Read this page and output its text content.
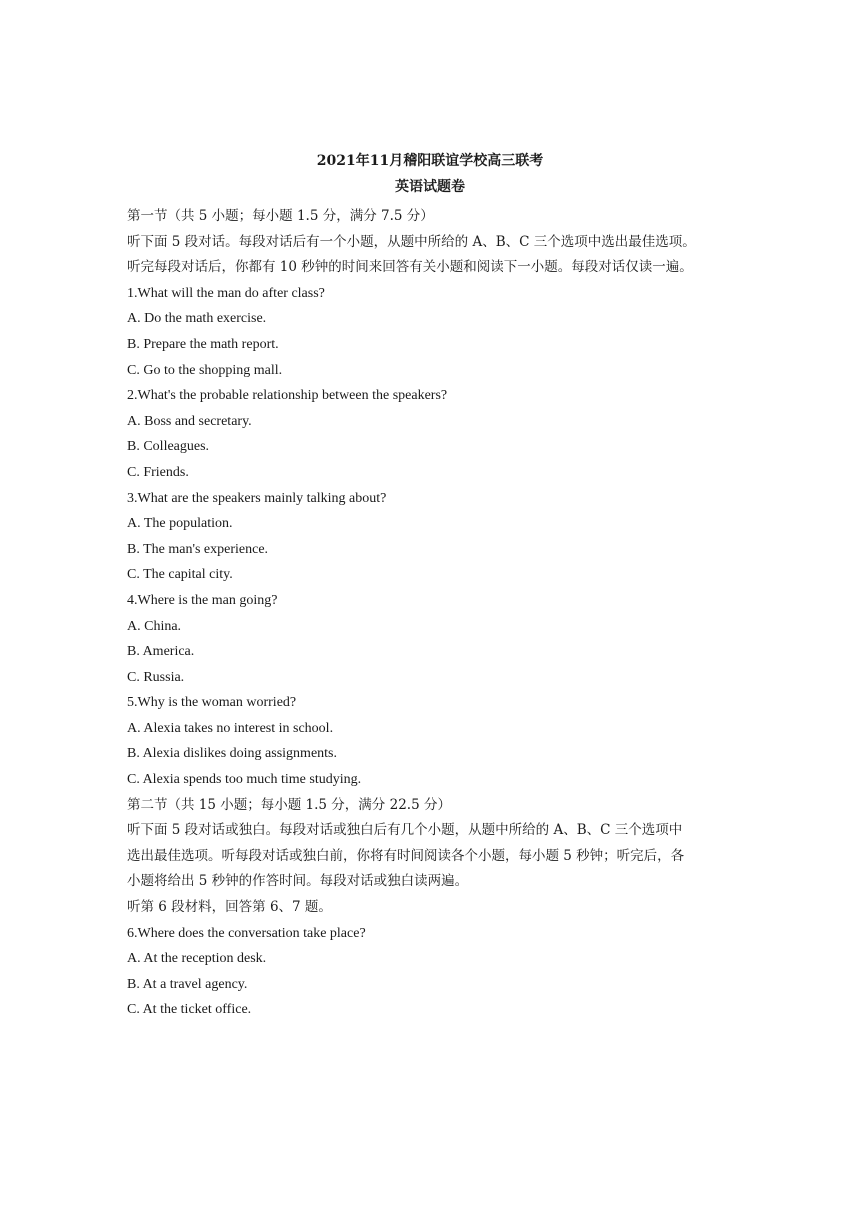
2021年11月稽阳联谊学校高三联考
英语试题卷
第一节（共 5 小题；每小题 1.5 分，满分 7.5 分）
听下面 5 段对话。每段对话后有一个小题，从题中所给的 A、B、C 三个选项中选出最佳选项。
听完每段对话后，你都有 10 秒钟的时间来回答有关小题和阅读下一小题。每段对话仅读一遍。
1.What will the man do after class?
A. Do the math exercise.
B. Prepare the math report.
C. Go to the shopping mall.
2.What's the probable relationship between the speakers?
A. Boss and secretary.
B. Colleagues.
C. Friends.
3.What are the speakers mainly talking about?
A. The population.
B. The man's experience.
C. The capital city.
4.Where is the man going?
A. China.
B. America.
C. Russia.
5.Why is the woman worried?
A. Alexia takes no interest in school.
B. Alexia dislikes doing assignments.
C. Alexia spends too much time studying.
第二节（共 15 小题；每小题 1.5 分，满分 22.5 分）
听下面 5 段对话或独白。每段对话或独白后有几个小题，从题中所给的 A、B、C 三个选项中
选出最佳选项。听每段对话或独白前，你将有时间阅读各个小题，每小题 5 秒钟；听完后，各
小题将给出 5 秒钟的作答时间。每段对话或独白读两遍。
听第 6 段材料，回答第 6、7 题。
6.Where does the conversation take place?
A. At the reception desk.
B. At a travel agency.
C. At the ticket office.
